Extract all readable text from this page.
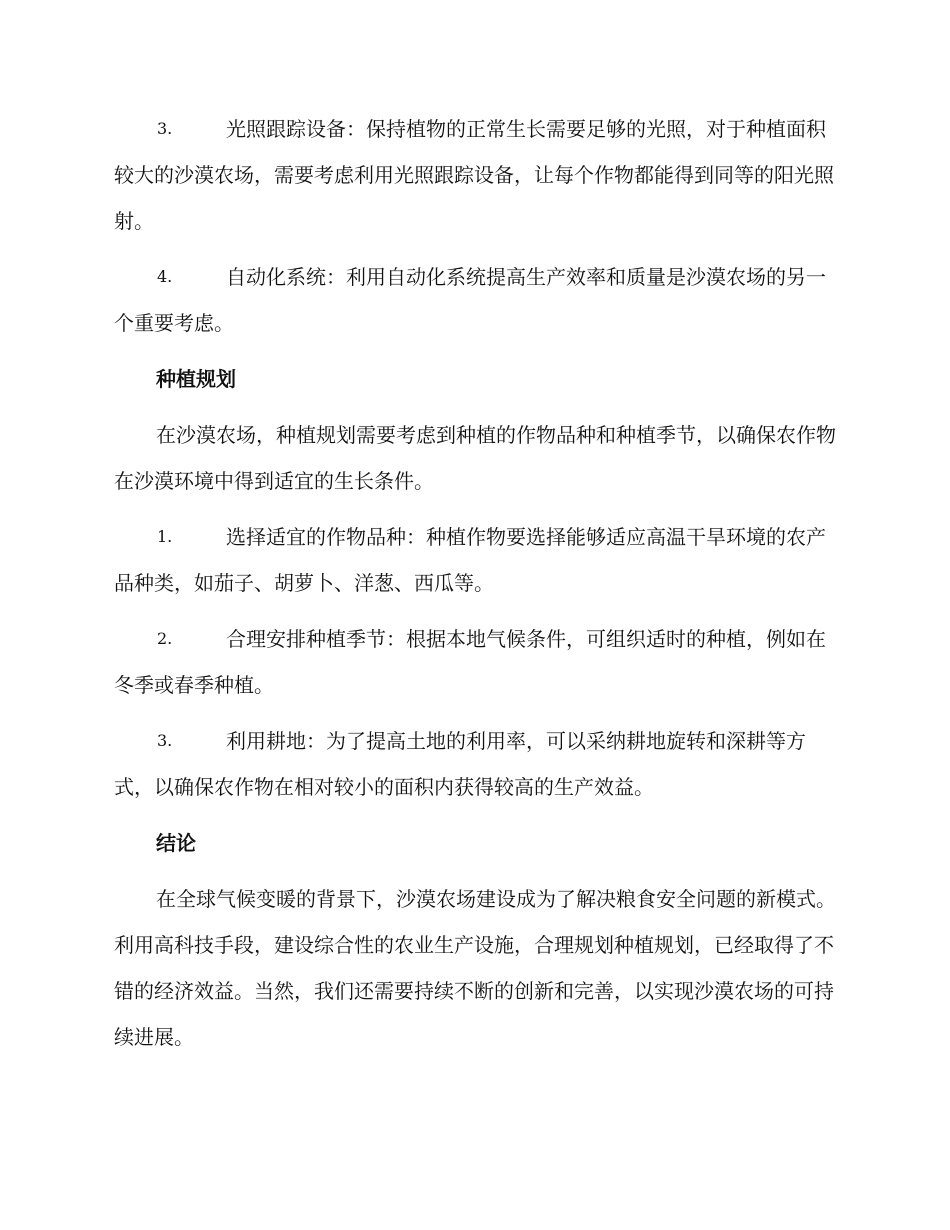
3.	光照跟踪设备：保持植物的正常生长需要足够的光照，对于种植面积较大的沙漠农场，需要考虑利用光照跟踪设备，让每个作物都能得到同等的阳光照射。
4.	自动化系统：利用自动化系统提高生产效率和质量是沙漠农场的另一个重要考虑。
种植规划
在沙漠农场，种植规划需要考虑到种植的作物品种和种植季节，以确保农作物在沙漠环境中得到适宜的生长条件。
1.	选择适宜的作物品种：种植作物要选择能够适应高温干旱环境的农产品种类，如茄子、胡萝卜、洋葱、西瓜等。
2.	合理安排种植季节：根据本地气候条件，可组织适时的种植，例如在冬季或春季种植。
3.	利用耕地：为了提高土地的利用率，可以采纳耕地旋转和深耕等方式，以确保农作物在相对较小的面积内获得较高的生产效益。
结论
在全球气候变暖的背景下，沙漠农场建设成为了解决粮食安全问题的新模式。利用高科技手段，建设综合性的农业生产设施，合理规划种植规划，已经取得了不错的经济效益。当然，我们还需要持续不断的创新和完善，以实现沙漠农场的可持续进展。
